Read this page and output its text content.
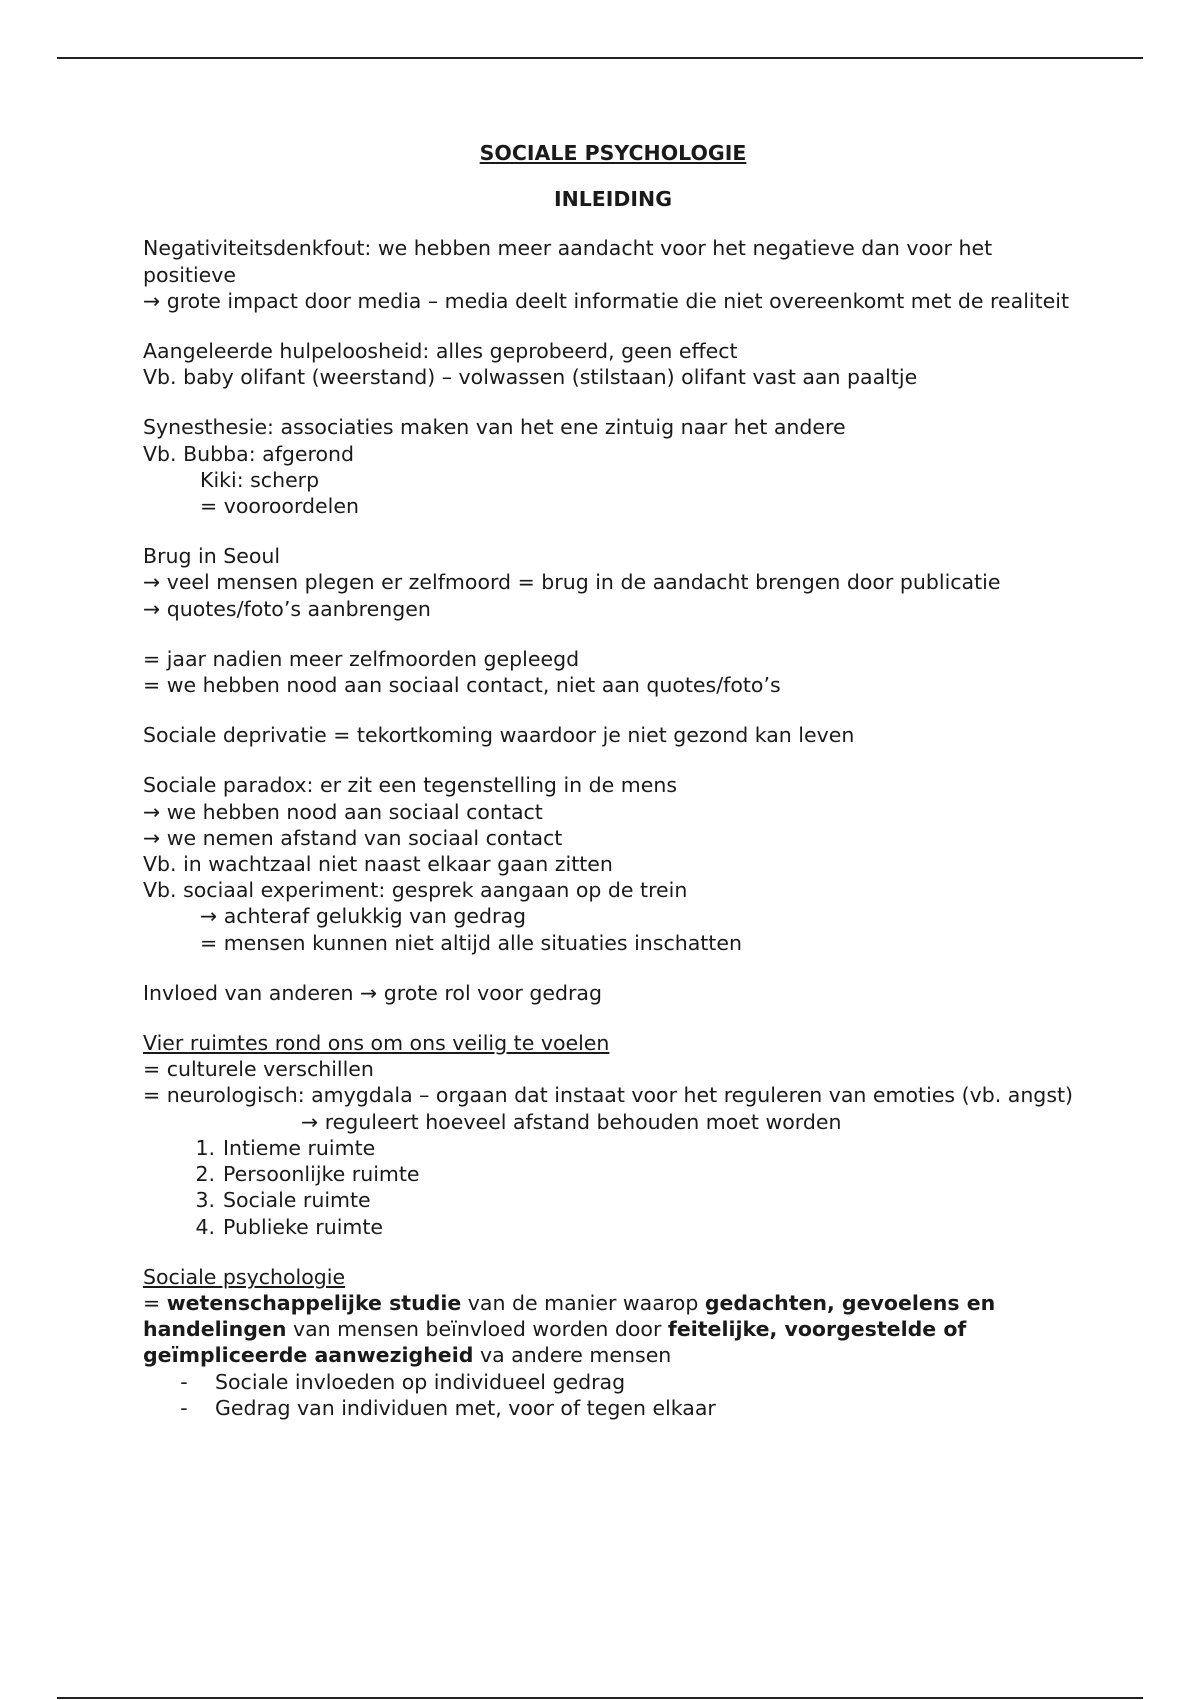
SOCIALE PSYCHOLOGIE
INLEIDING
Negativiteitsdenkfout: we hebben meer aandacht voor het negatieve dan voor het positieve
→ grote impact door media – media deelt informatie die niet overeenkomt met de realiteit
Aangeleerde hulpeloosheid: alles geprobeerd, geen effect
Vb. baby olifant (weerstand) – volwassen (stilstaan) olifant vast aan paaltje
Synesthesie: associaties maken van het ene zintuig naar het andere
Vb. Bubba: afgerond
Kiki: scherp
= vooroordelen
Brug in Seoul
→ veel mensen plegen er zelfmoord = brug in de aandacht brengen door publicatie
→ quotes/foto’s aanbrengen
= jaar nadien meer zelfmoorden gepleegd
= we hebben nood aan sociaal contact, niet aan quotes/foto’s
Sociale deprivatie = tekortkoming waardoor je niet gezond kan leven
Sociale paradox: er zit een tegenstelling in de mens
→ we hebben nood aan sociaal contact
→ we nemen afstand van sociaal contact
Vb. in wachtzaal niet naast elkaar gaan zitten
Vb. sociaal experiment: gesprek aangaan op de trein
→ achteraf gelukkig van gedrag
= mensen kunnen niet altijd alle situaties inschatten
Invloed van anderen → grote rol voor gedrag
Vier ruimtes rond ons om ons veilig te voelen
= culturele verschillen
= neurologisch: amygdala – orgaan dat instaat voor het reguleren van emoties (vb. angst)
→ reguleert hoeveel afstand behouden moet worden
1. Intieme ruimte
2. Persoonlijke ruimte
3. Sociale ruimte
4. Publieke ruimte
Sociale psychologie
= wetenschappelijke studie van de manier waarop gedachten, gevoelens en handelingen van mensen beïnvloed worden door feitelijke, voorgestelde of geïmpliceerde aanwezigheid va andere mensen
-	Sociale invloeden op individueel gedrag
-	Gedrag van individuen met, voor of tegen elkaar
